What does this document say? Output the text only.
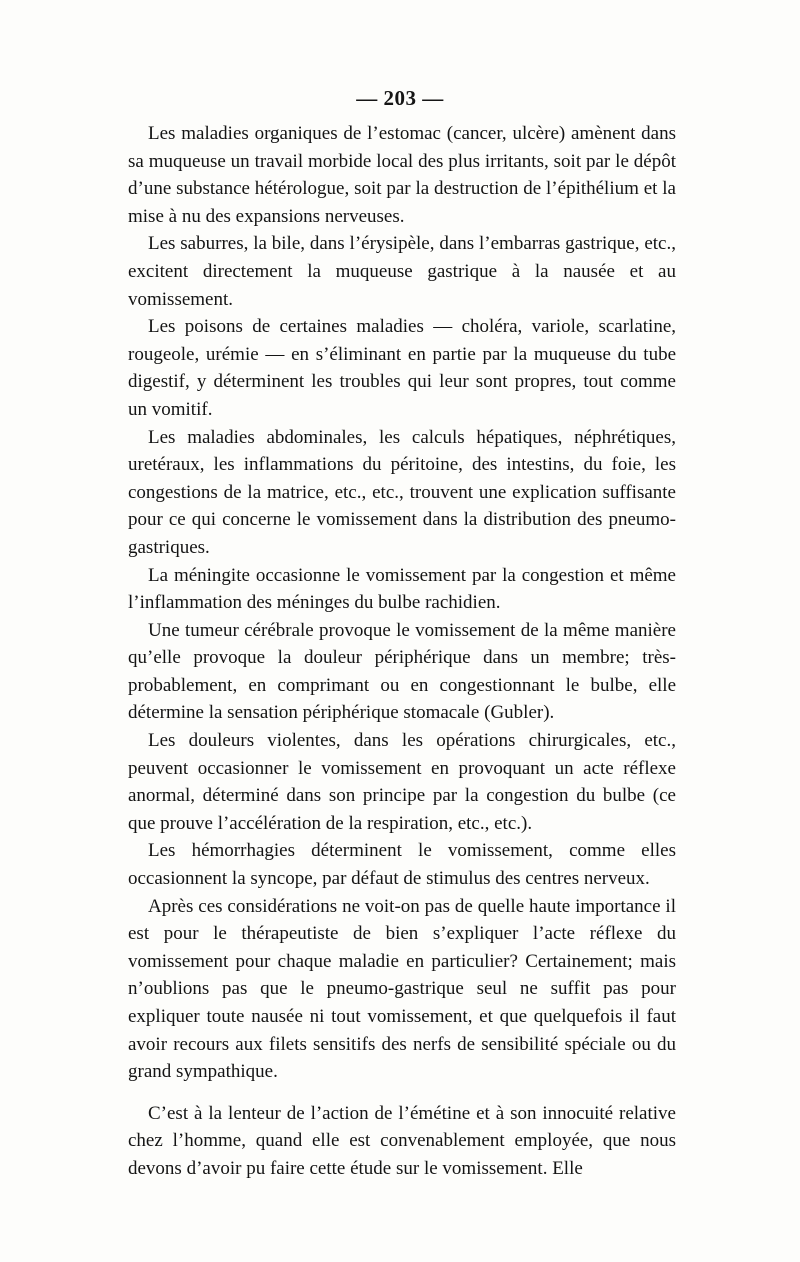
— 203 —

Les maladies organiques de l’estomac (cancer, ulcère) amènent dans sa muqueuse un travail morbide local des plus irritants, soit par le dépôt d’une substance hétérologue, soit par la destruction de l’épithélium et la mise à nu des expansions nerveuses.

Les saburres, la bile, dans l’érysipèle, dans l’embarras gastrique, etc., excitent directement la muqueuse gastrique à la nausée et au vomissement.

Les poisons de certaines maladies — choléra, variole, scarlatine, rougeole, urémie — en s’éliminant en partie par la muqueuse du tube digestif, y déterminent les troubles qui leur sont propres, tout comme un vomitif.

Les maladies abdominales, les calculs hépatiques, néphrétiques, uretéraux, les inflammations du péritoine, des intestins, du foie, les congestions de la matrice, etc., etc., trouvent une explication suffisante pour ce qui concerne le vomissement dans la distribution des pneumo-gastriques.

La méningite occasionne le vomissement par la congestion et même l’inflammation des méninges du bulbe rachidien.

Une tumeur cérébrale provoque le vomissement de la même manière qu’elle provoque la douleur périphérique dans un membre; très-probablement, en comprimant ou en congestionnant le bulbe, elle détermine la sensation périphérique stomacale (Gubler).

Les douleurs violentes, dans les opérations chirurgicales, etc., peuvent occasionner le vomissement en provoquant un acte réflexe anormal, déterminé dans son principe par la congestion du bulbe (ce que prouve l’accélération de la respiration, etc., etc.).

Les hémorrhagies déterminent le vomissement, comme elles occasionnent la syncope, par défaut de stimulus des centres nerveux.

Après ces considérations ne voit-on pas de quelle haute importance il est pour le thérapeutiste de bien s’expliquer l’acte réflexe du vomissement pour chaque maladie en particulier? Certainement; mais n’oublions pas que le pneumo-gastrique seul ne suffit pas pour expliquer toute nausée ni tout vomissement, et que quelquefois il faut avoir recours aux filets sensitifs des nerfs de sensibilité spéciale ou du grand sympathique.

C’est à la lenteur de l’action de l’émétine et à son innocuité relative chez l’homme, quand elle est convenablement employée, que nous devons d’avoir pu faire cette étude sur le vomissement. Elle
